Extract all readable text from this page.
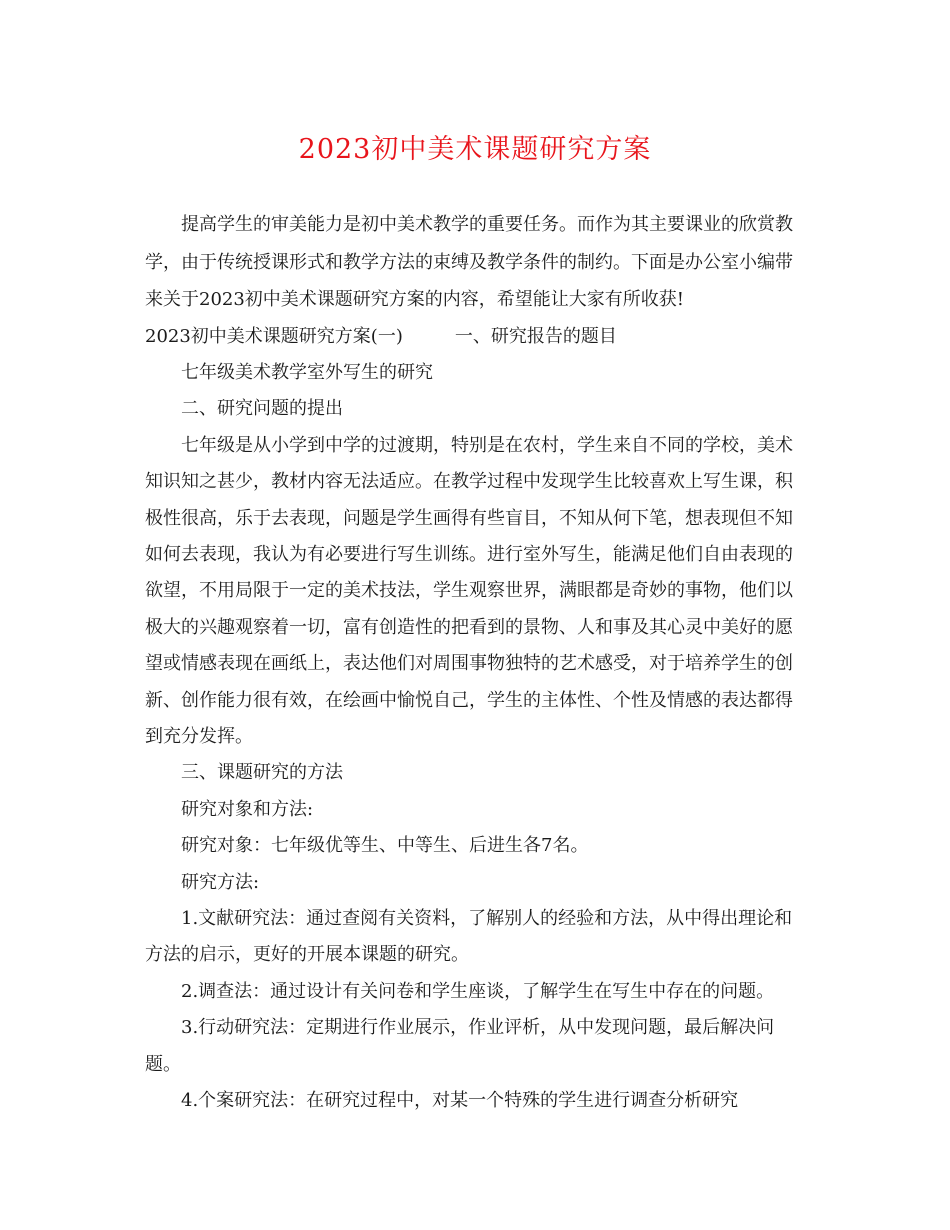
2023初中美术课题研究方案

提高学生的审美能力是初中美术教学的重要任务。而作为其主要课业的欣赏教学，由于传统授课形式和教学方法的束缚及教学条件的制约。下面是办公室小编带来关于2023初中美术课题研究方案的内容，希望能让大家有所收获!

2023初中美术课题研究方案(一)	一、研究报告的题目

七年级美术教学室外写生的研究

二、研究问题的提出

七年级是从小学到中学的过渡期，特别是在农村，学生来自不同的学校，美术知识知之甚少，教材内容无法适应。在教学过程中发现学生比较喜欢上写生课，积极性很高，乐于去表现，问题是学生画得有些盲目，不知从何下笔，想表现但不知如何去表现，我认为有必要进行写生训练。进行室外写生，能满足他们自由表现的欲望，不用局限于一定的美术技法，学生观察世界，满眼都是奇妙的事物，他们以极大的兴趣观察着一切，富有创造性的把看到的景物、人和事及其心灵中美好的愿望或情感表现在画纸上，表达他们对周围事物独特的艺术感受，对于培养学生的创新、创作能力很有效，在绘画中愉悦自己，学生的主体性、个性及情感的表达都得到充分发挥。

三、课题研究的方法

研究对象和方法:

研究对象：七年级优等生、中等生、后进生各7名。

研究方法:

1.文献研究法：通过查阅有关资料，了解别人的经验和方法，从中得出理论和方法的启示，更好的开展本课题的研究。

2.调查法：通过设计有关问卷和学生座谈，了解学生在写生中存在的问题。

3.行动研究法：定期进行作业展示，作业评析，从中发现问题，最后解决问题。

4.个案研究法：在研究过程中，对某一个特殊的学生进行调查分析研究
